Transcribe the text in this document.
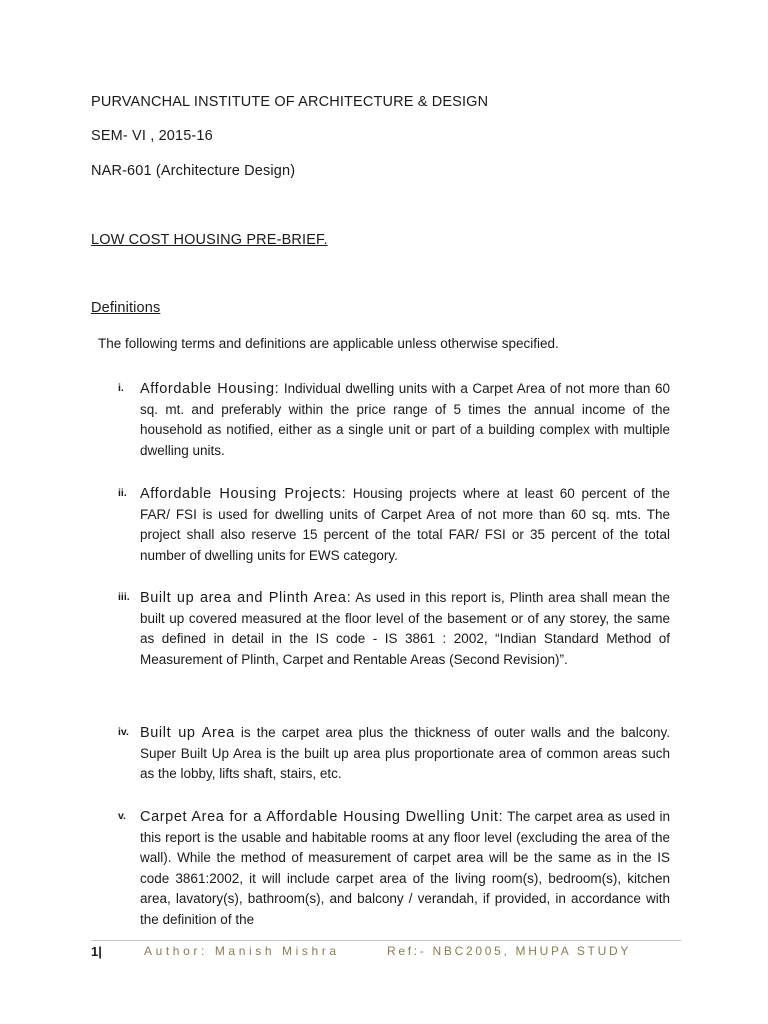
PURVANCHAL INSTITUTE OF ARCHITECTURE & DESIGN
SEM- VI , 2015-16
NAR-601 (Architecture Design)
LOW COST HOUSING PRE-BRIEF.
Definitions
The following terms and definitions are applicable unless otherwise specified.
i. Affordable Housing: Individual dwelling units with a Carpet Area of not more than 60 sq. mt. and preferably within the price range of 5 times the annual income of the household as notified, either as a single unit or part of a building complex with multiple dwelling units.
ii. Affordable Housing Projects: Housing projects where at least 60 percent of the FAR/ FSI is used for dwelling units of Carpet Area of not more than 60 sq. mts. The project shall also reserve 15 percent of the total FAR/ FSI or 35 percent of the total number of dwelling units for EWS category.
iii. Built up area and Plinth Area: As used in this report is, Plinth area shall mean the built up covered measured at the floor level of the basement or of any storey, the same as defined in detail in the IS code - IS 3861 : 2002, “Indian Standard Method of Measurement of Plinth, Carpet and Rentable Areas (Second Revision)”.
iv. Built up Area is the carpet area plus the thickness of outer walls and the balcony. Super Built Up Area is the built up area plus proportionate area of common areas such as the lobby, lifts shaft, stairs, etc.
v. Carpet Area for a Affordable Housing Dwelling Unit: The carpet area as used in this report is the usable and habitable rooms at any floor level (excluding the area of the wall). While the method of measurement of carpet area will be the same as in the IS code 3861:2002, it will include carpet area of the living room(s), bedroom(s), kitchen area, lavatory(s), bathroom(s), and balcony / verandah, if provided, in accordance with the definition of the
1|	Author: Manish Mishra	Ref:- NBC2005, MHUPA STUDY
